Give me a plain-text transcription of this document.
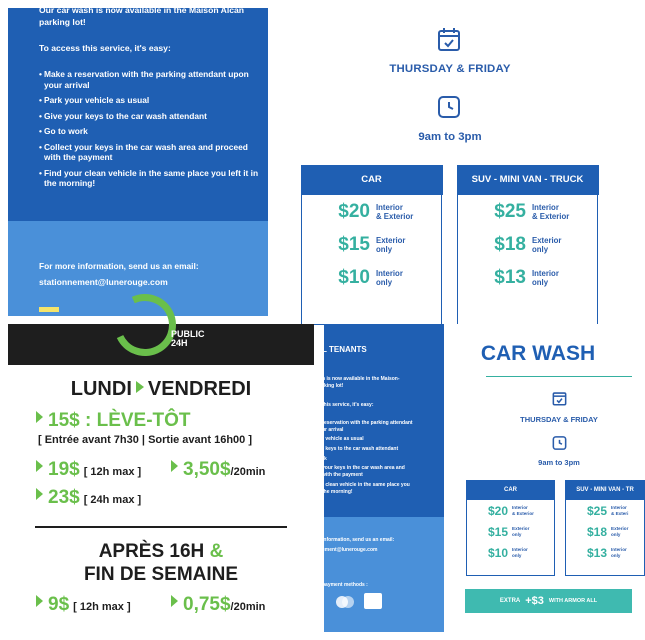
Our car wash is now available in the Maison Alcan parking lot!
To access this service, it's easy:
• Make a reservation with the parking attendant upon your arrival
• Park your vehicle as usual
• Give your keys to the car wash attendant
• Go to work
• Collect your keys in the car wash area and proceed with the payment
• Find your clean vehicle in the same place you left it in the morning!
For more information, send us an email:
stationnement@lunerouge.com
THURSDAY & FRIDAY
9am to 3pm
CAR
$20 Interior
& Exterior
$15 Exterior
only
$10 Interior
only
SUV - MINI VAN - TRUCK
$25 Interior
& Exterior
$18 Exterior
only
$13 Interior
only
PUBLIC
24H
LUNDI VENDREDI
15$ : LÈVE-TÔT
[ Entrée avant 7h30 | Sortie avant 16h00 ]
19$ [ 12h max ]	3,50$/20min
23$ [ 24h max ]
APRÈS 16H &
FIN DE SEMAINE
9$ [ 12h max ]	0,75$/20min
L TENANTS
h is now available in the Maison-
rking lot!
this service, it's easy:
reservation with the parking attendant
ur arrival
r vehicle as usual
r keys to the car wash attendant
rk
your keys in the car wash area and
with the payment
r clean vehicle in the same place you
the morning!
information, send us an email:
ement@lunerouge.com
payment methods :
CAR WASH
THURSDAY & FRIDAY
9am to 3pm
CAR
$20 Interior
& Exterior
$15 Exterior
only
$10 Interior
only
SUV - MINI VAN - TR
$25 Interior
& Exteri
$18 Exterior
only
$13 Interior
only
EXTRA +$3 WITH ARMOR ALL
